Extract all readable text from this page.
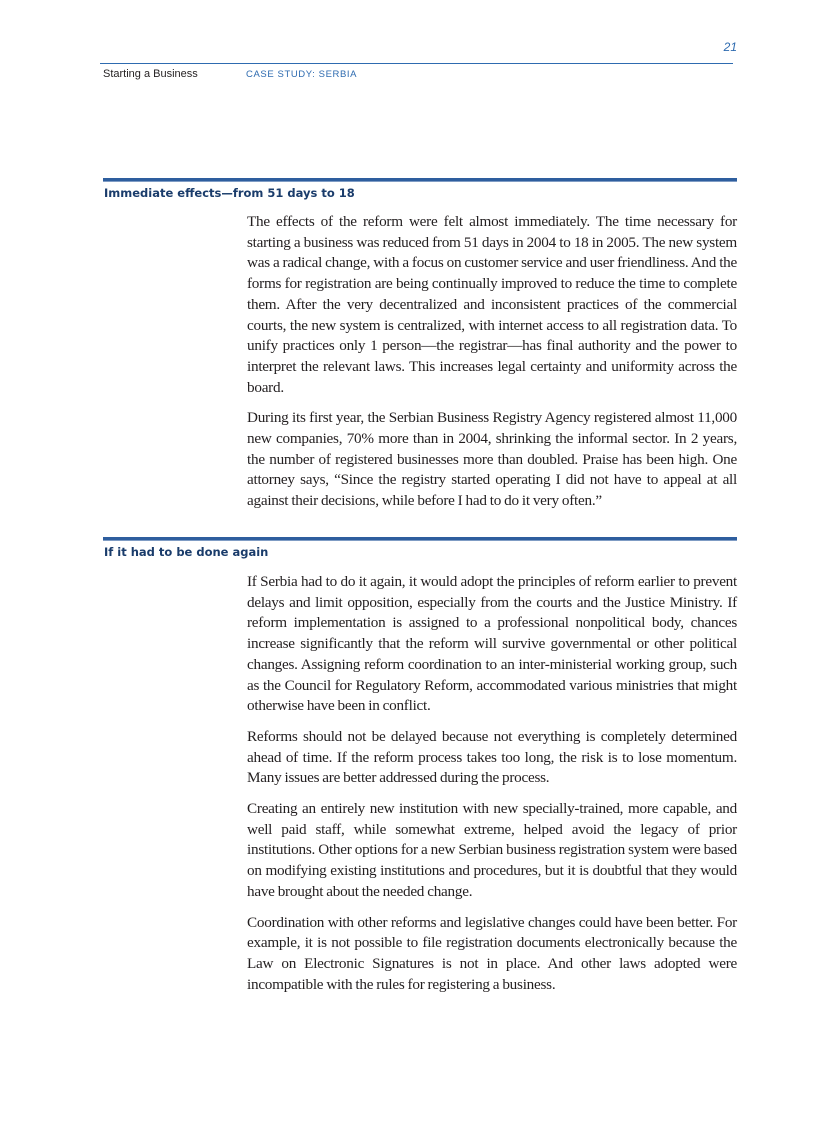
21
Starting a Business	CASE STUDY: SERBIA
Immediate effects—from 51 days to 18

The effects of the reform were felt almost immediately. The time necessary for starting a business was reduced from 51 days in 2004 to 18 in 2005. The new system was a radical change, with a focus on customer service and user friendliness. And the forms for registration are being continually improved to reduce the time to complete them. After the very decentralized and inconsistent practices of the commercial courts, the new system is centralized, with internet access to all registration data. To unify practices only 1 person—the registrar—has final authority and the power to interpret the relevant laws. This increases legal certainty and uniformity across the board.

During its first year, the Serbian Business Registry Agency registered almost 11,000 new companies, 70% more than in 2004, shrinking the informal sector. In 2 years, the number of registered businesses more than doubled. Praise has been high. One attorney says, “Since the registry started operating I did not have to appeal at all against their decisions, while before I had to do it very often.”

If it had to be done again

If Serbia had to do it again, it would adopt the principles of reform earlier to prevent delays and limit opposition, especially from the courts and the Justice Ministry. If reform implementation is assigned to a professional nonpolitical body, chances increase significantly that the reform will survive governmental or other political changes. Assigning reform coordination to an inter-ministerial working group, such as the Council for Regulatory Reform, accommodated various ministries that might otherwise have been in conflict.

Reforms should not be delayed because not everything is completely determined ahead of time. If the reform process takes too long, the risk is to lose momentum. Many issues are better addressed during the process.

Creating an entirely new institution with new specially-trained, more capable, and well paid staff, while somewhat extreme, helped avoid the legacy of prior institutions. Other options for a new Serbian business registration system were based on modifying existing institutions and procedures, but it is doubtful that they would have brought about the needed change.

Coordination with other reforms and legislative changes could have been better. For example, it is not possible to file registration documents electronically because the Law on Electronic Signatures is not in place. And other laws adopted were incompatible with the rules for registering a business.
